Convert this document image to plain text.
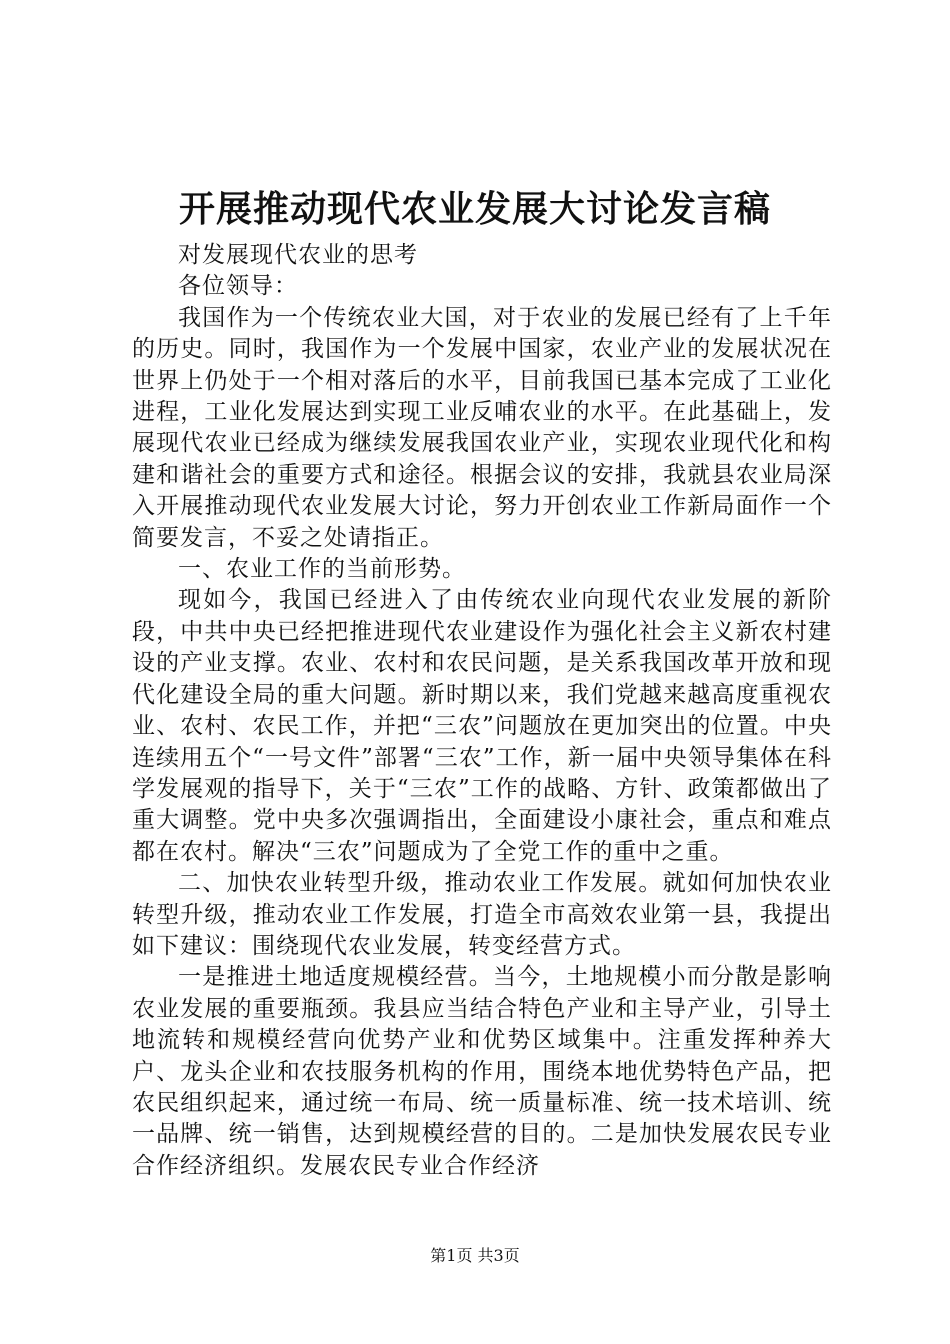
开展推动现代农业发展大讨论发言稿

对发展现代农业的思考

各位领导：

我国作为一个传统农业大国，对于农业的发展已经有了上千年的历史。同时，我国作为一个发展中国家，农业产业的发展状况在世界上仍处于一个相对落后的水平，目前我国已基本完成了工业化进程，工业化发展达到实现工业反哺农业的水平。在此基础上，发展现代农业已经成为继续发展我国农业产业，实现农业现代化和构建和谐社会的重要方式和途径。根据会议的安排，我就县农业局深入开展推动现代农业发展大讨论，努力开创农业工作新局面作一个简要发言，不妥之处请指正。

一、农业工作的当前形势。

现如今，我国已经进入了由传统农业向现代农业发展的新阶段，中共中央已经把推进现代农业建设作为强化社会主义新农村建设的产业支撑。农业、农村和农民问题，是关系我国改革开放和现代化建设全局的重大问题。新时期以来，我们党越来越高度重视农业、农村、农民工作，并把“三农”问题放在更加突出的位置。中央连续用五个“一号文件”部署“三农”工作，新一届中央领导集体在科学发展观的指导下，关于“三农”工作的战略、方针、政策都做出了重大调整。党中央多次强调指出，全面建设小康社会，重点和难点都在农村。解决“三农”问题成为了全党工作的重中之重。

二、加快农业转型升级，推动农业工作发展。就如何加快农业转型升级，推动农业工作发展，打造全市高效农业第一县，我提出如下建议：围绕现代农业发展，转变经营方式。

一是推进土地适度规模经营。当今，土地规模小而分散是影响农业发展的重要瓶颈。我县应当结合特色产业和主导产业，引导土地流转和规模经营向优势产业和优势区域集中。注重发挥种养大户、龙头企业和农技服务机构的作用，围绕本地优势特色产品，把农民组织起来，通过统一布局、统一质量标准、统一技术培训、统一品牌、统一销售，达到规模经营的目的。二是加快发展农民专业合作经济组织。发展农民专业合作经济

第1页 共3页
